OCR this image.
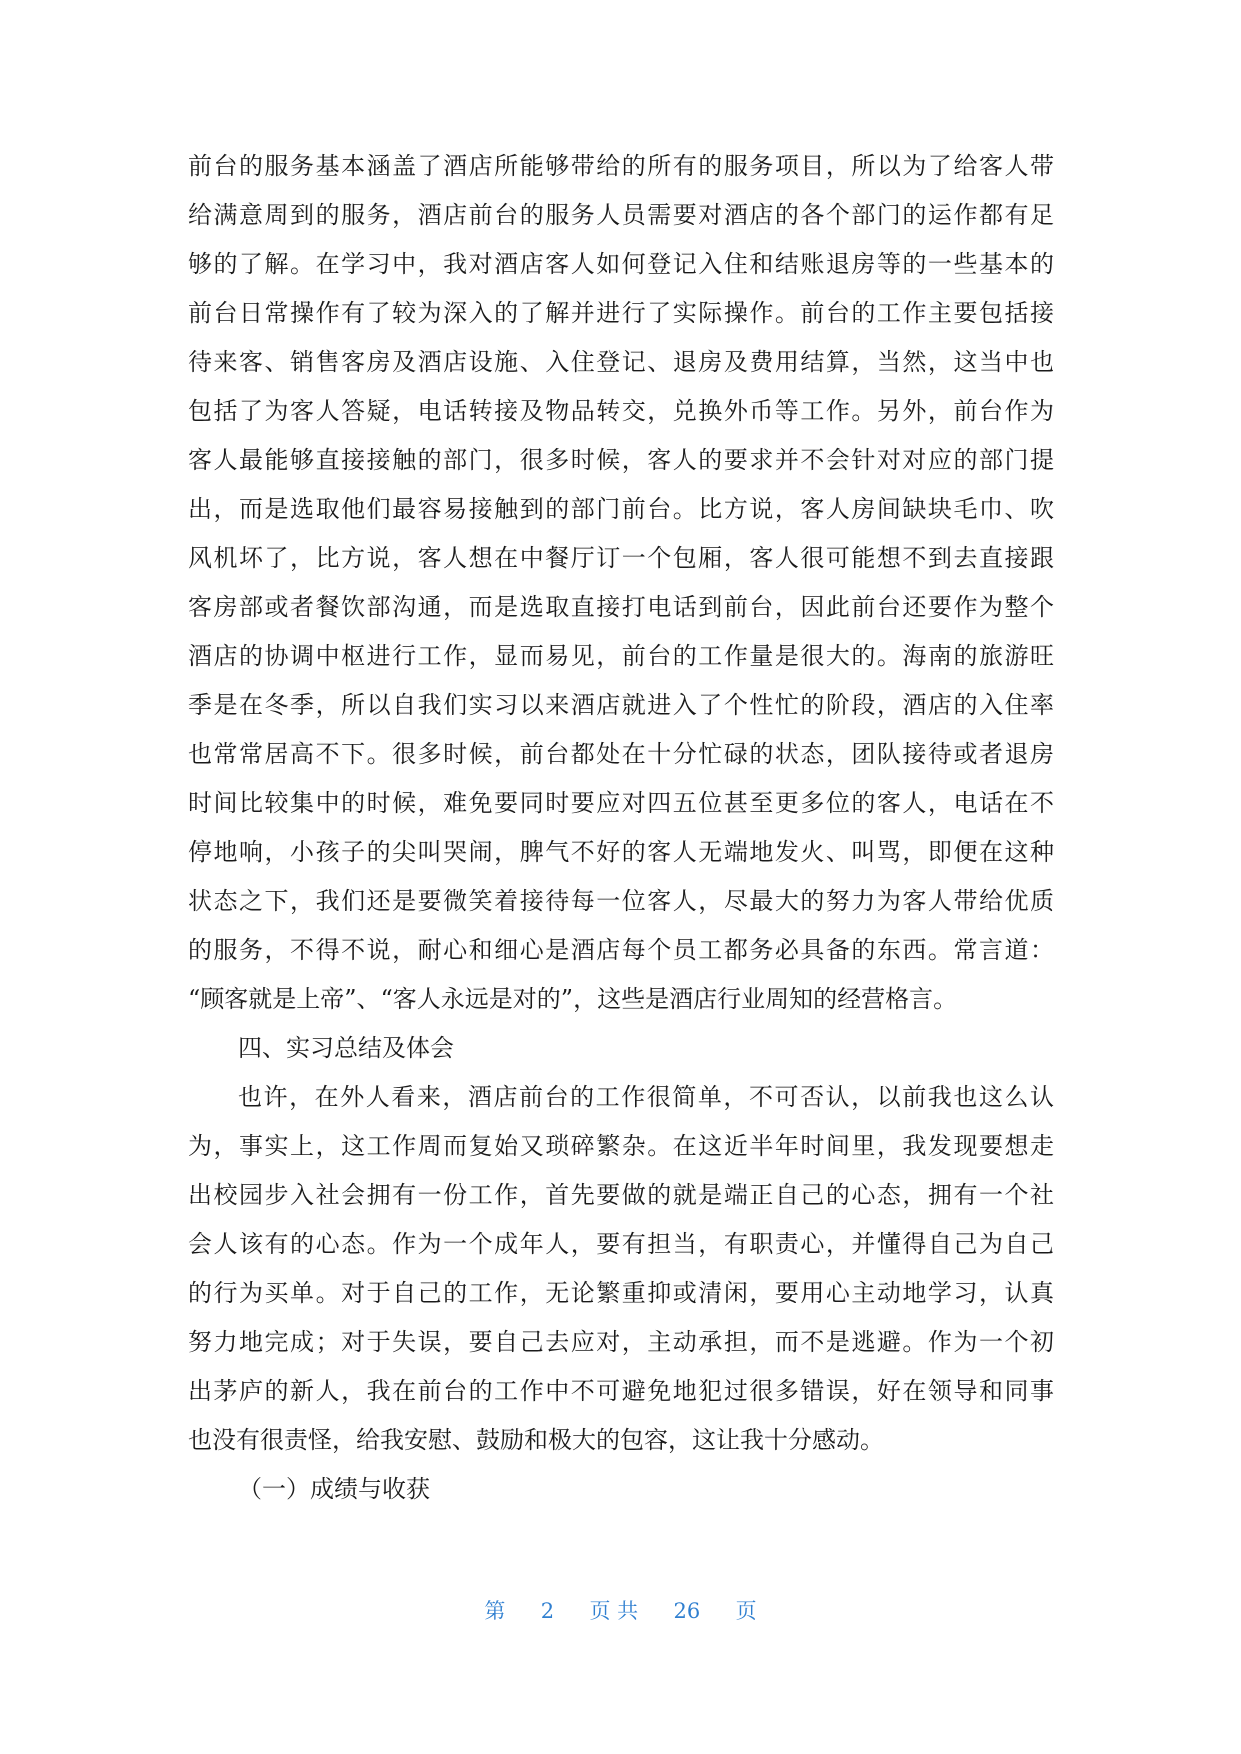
前台的服务基本涵盖了酒店所能够带给的所有的服务项目，所以为了给客人带
给满意周到的服务，酒店前台的服务人员需要对酒店的各个部门的运作都有足
够的了解。在学习中，我对酒店客人如何登记入住和结账退房等的一些基本的
前台日常操作有了较为深入的了解并进行了实际操作。前台的工作主要包括接
待来客、销售客房及酒店设施、入住登记、退房及费用结算，当然，这当中也
包括了为客人答疑，电话转接及物品转交，兑换外币等工作。另外，前台作为
客人最能够直接接触的部门，很多时候，客人的要求并不会针对对应的部门提
出，而是选取他们最容易接触到的部门前台。比方说，客人房间缺块毛巾、吹
风机坏了，比方说，客人想在中餐厅订一个包厢，客人很可能想不到去直接跟
客房部或者餐饮部沟通，而是选取直接打电话到前台，因此前台还要作为整个
酒店的协调中枢进行工作，显而易见，前台的工作量是很大的。海南的旅游旺
季是在冬季，所以自我们实习以来酒店就进入了个性忙的阶段，酒店的入住率
也常常居高不下。很多时候，前台都处在十分忙碌的状态，团队接待或者退房
时间比较集中的时候，难免要同时要应对四五位甚至更多位的客人，电话在不
停地响，小孩子的尖叫哭闹，脾气不好的客人无端地发火、叫骂，即便在这种
状态之下，我们还是要微笑着接待每一位客人，尽最大的努力为客人带给优质
的服务，不得不说，耐心和细心是酒店每个员工都务必具备的东西。常言道：
“顾客就是上帝”、“客人永远是对的”，这些是酒店行业周知的经营格言。
四、实习总结及体会
也许，在外人看来，酒店前台的工作很简单，不可否认，以前我也这么认
为，事实上，这工作周而复始又琐碎繁杂。在这近半年时间里，我发现要想走
出校园步入社会拥有一份工作，首先要做的就是端正自己的心态，拥有一个社
会人该有的心态。作为一个成年人，要有担当，有职责心，并懂得自己为自己
的行为买单。对于自己的工作，无论繁重抑或清闲，要用心主动地学习，认真
努力地完成；对于失误，要自己去应对，主动承担，而不是逃避。作为一个初
出茅庐的新人，我在前台的工作中不可避免地犯过很多错误，好在领导和同事
也没有很责怪，给我安慰、鼓励和极大的包容，这让我十分感动。
（一）成绩与收获
第 2 页 共 26 页
